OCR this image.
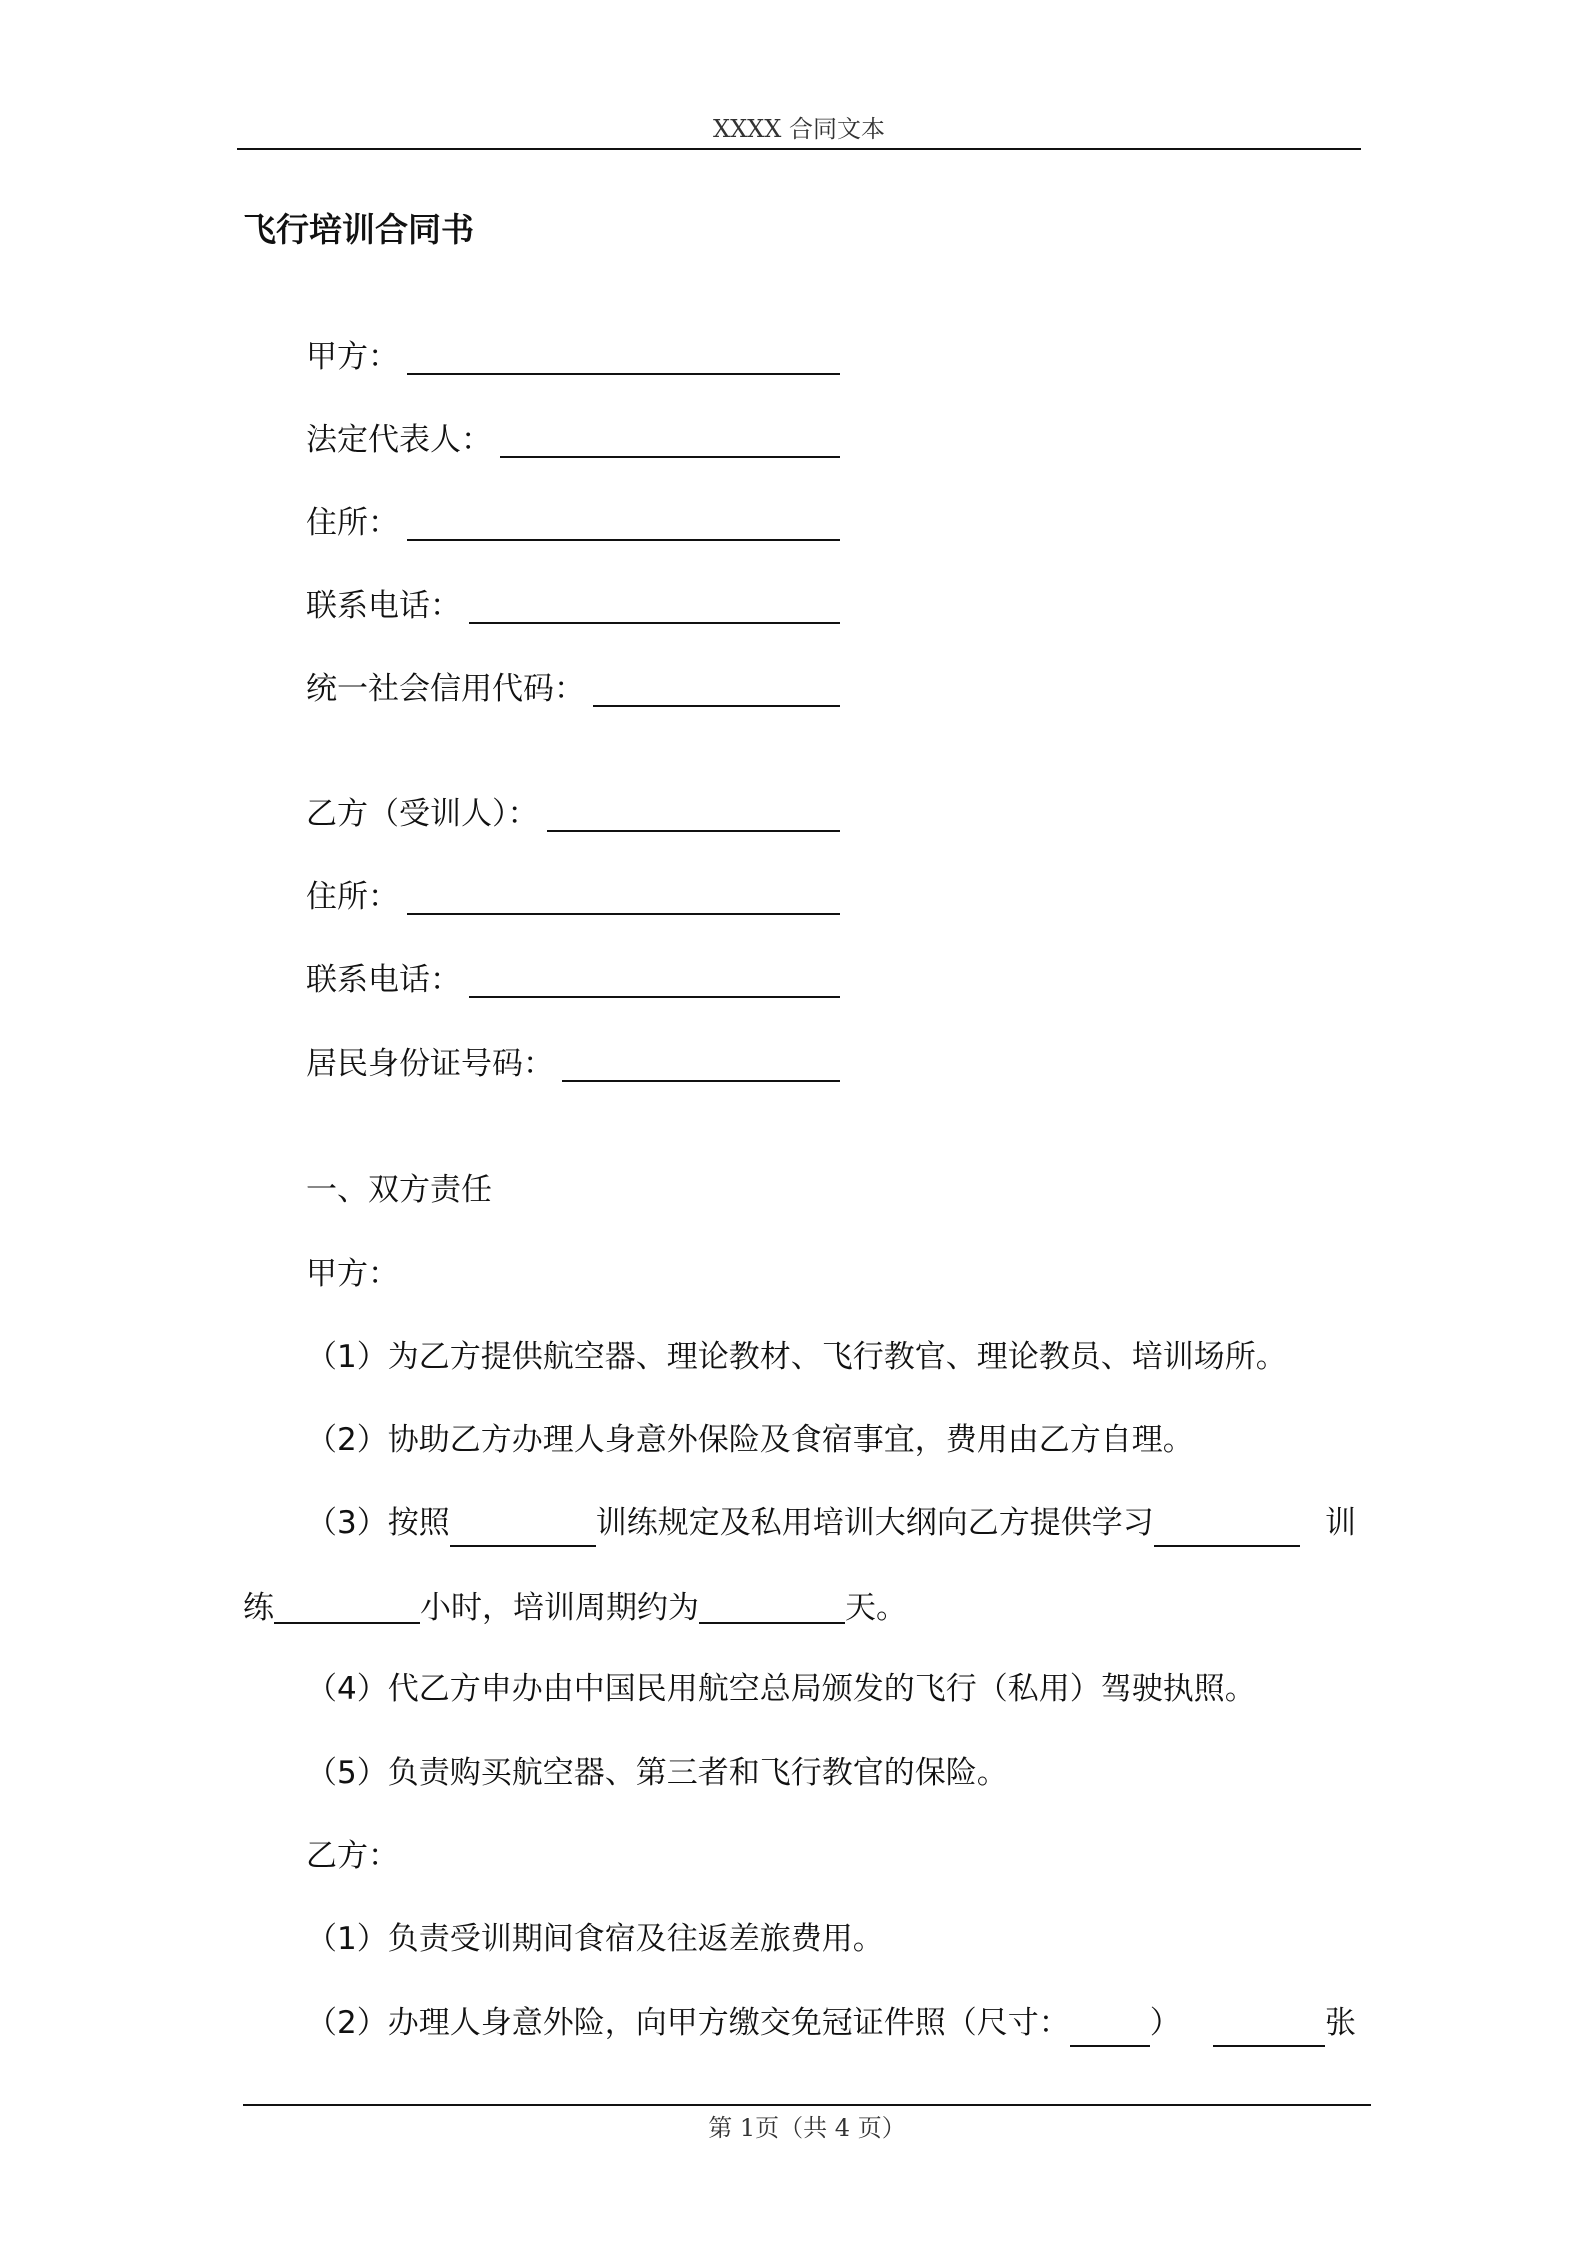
XXXX 合同文本
飞行培训合同书
甲方：
法定代表人：
住所：
联系电话：
统一社会信用代码：
乙方（受训人）：
住所：
联系电话：
居民身份证号码：
一、双方责任
甲方：
（1）为乙方提供航空器、理论教材、飞行教官、理论教员、培训场所。
（2）协助乙方办理人身意外保险及食宿事宜，费用由乙方自理。
（3）按照	训练规定及私用培训大纲向乙方提供学习	训
练	小时，培训周期约为	天。
（4）代乙方申办由中国民用航空总局颁发的飞行（私用）驾驶执照。
（5）负责购买航空器、第三者和飞行教官的保险。
乙方：
（1）负责受训期间食宿及往返差旅费用。
（2）办理人身意外险，向甲方缴交免冠证件照（尺寸：	）	张
第 1页（共 4 页）
